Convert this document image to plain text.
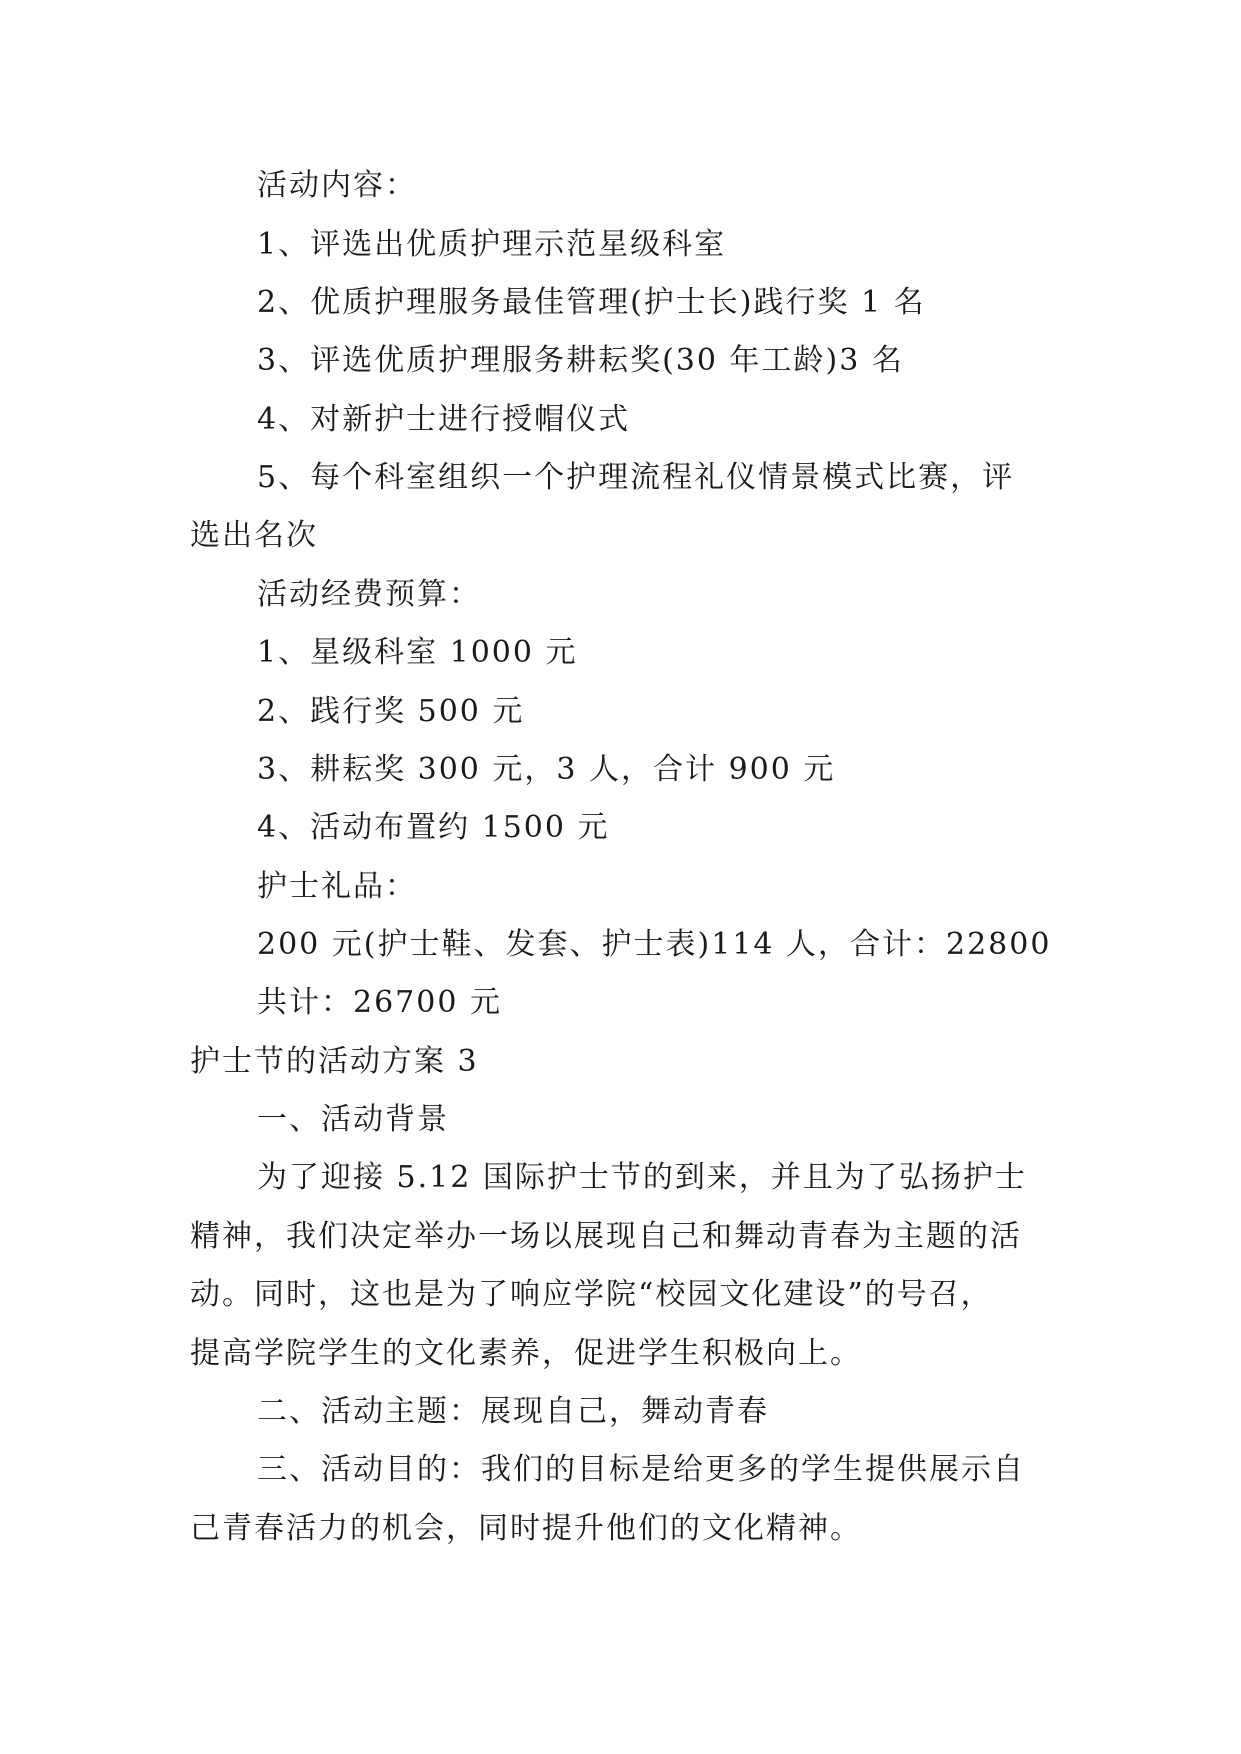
活动内容：
1、评选出优质护理示范星级科室
2、优质护理服务最佳管理(护士长)践行奖 1 名
3、评选优质护理服务耕耘奖(30 年工龄)3 名
4、对新护士进行授帽仪式
5、每个科室组织一个护理流程礼仪情景模式比赛，评
选出名次
活动经费预算：
1、星级科室 1000 元
2、践行奖 500 元
3、耕耘奖 300 元，3 人，合计 900 元
4、活动布置约 1500 元
护士礼品：
200 元(护士鞋、发套、护士表)114 人，合计：22800
共计：26700 元
护士节的活动方案 3
一、活动背景
为了迎接 5.12 国际护士节的到来，并且为了弘扬护士
精神，我们决定举办一场以展现自己和舞动青春为主题的活
动。同时，这也是为了响应学院“校园文化建设”的号召，
提高学院学生的文化素养，促进学生积极向上。
二、活动主题：展现自己，舞动青春
三、活动目的：我们的目标是给更多的学生提供展示自
己青春活力的机会，同时提升他们的文化精神。
